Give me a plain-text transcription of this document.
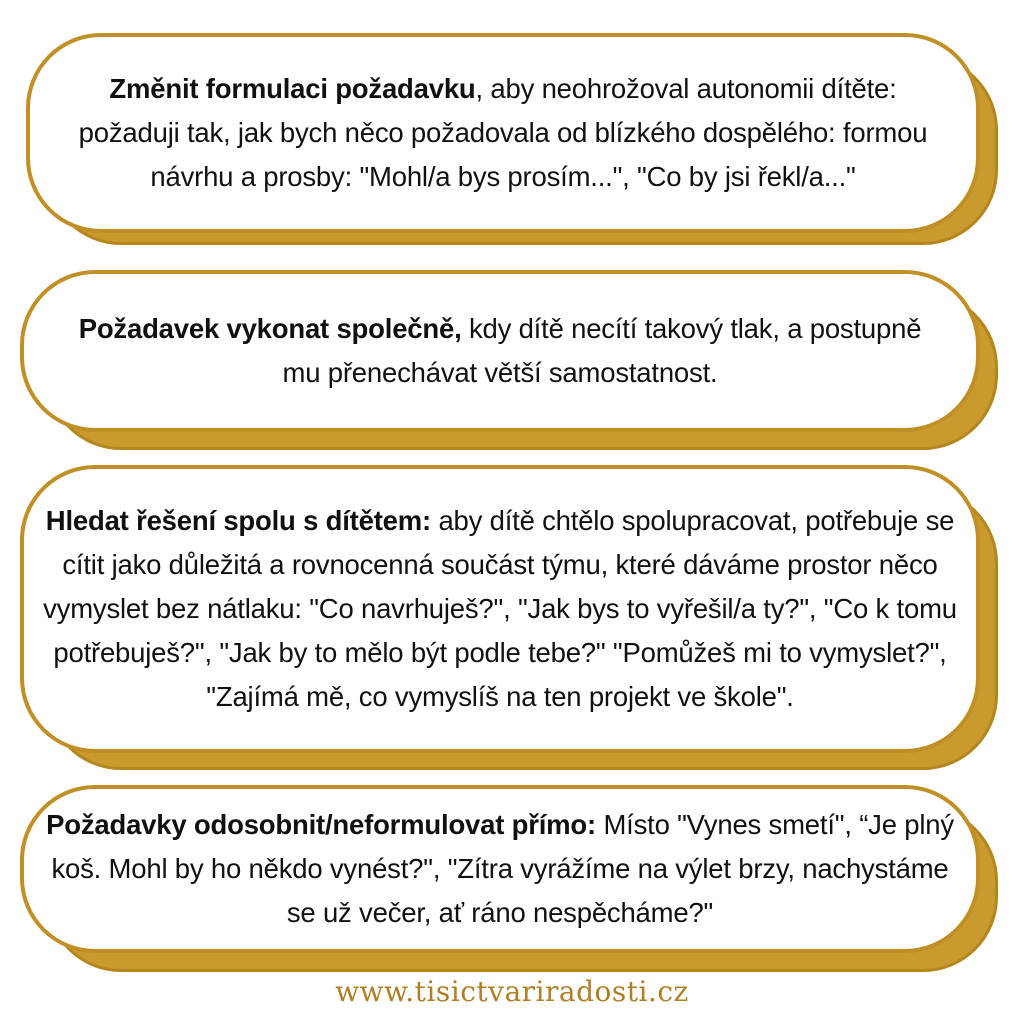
Změnit formulaci požadavku, aby neohrožoval autonomii dítěte: požaduji tak, jak bych něco požadovala od blízkého dospělého: formou návrhu a prosby: "Mohl/a bys prosím...", "Co by jsi řekl/a..."

Požadavek vykonat společně, kdy dítě necítí takový tlak, a postupně mu přenechávat větší samostatnost.

Hledat řešení spolu s dítětem: aby dítě chtělo spolupracovat, potřebuje se cítit jako důležitá a rovnocenná součást týmu, které dáváme prostor něco vymyslet bez nátlaku: "Co navrhuješ?", "Jak bys to vyřešil/a ty?", "Co k tomu potřebuješ?", "Jak by to mělo být podle tebe?" "Pomůžeš mi to vymyslet?", "Zajímá mě, co vymyslíš na ten projekt ve škole".

Požadavky odosobnit/neformulovat přímo: Místo "Vynes smetí", “Je plný koš. Mohl by ho někdo vynést?", "Zítra vyrážíme na výlet brzy, nachystáme se už večer, ať ráno nespěcháme?"

www.tisictvariradosti.cz
